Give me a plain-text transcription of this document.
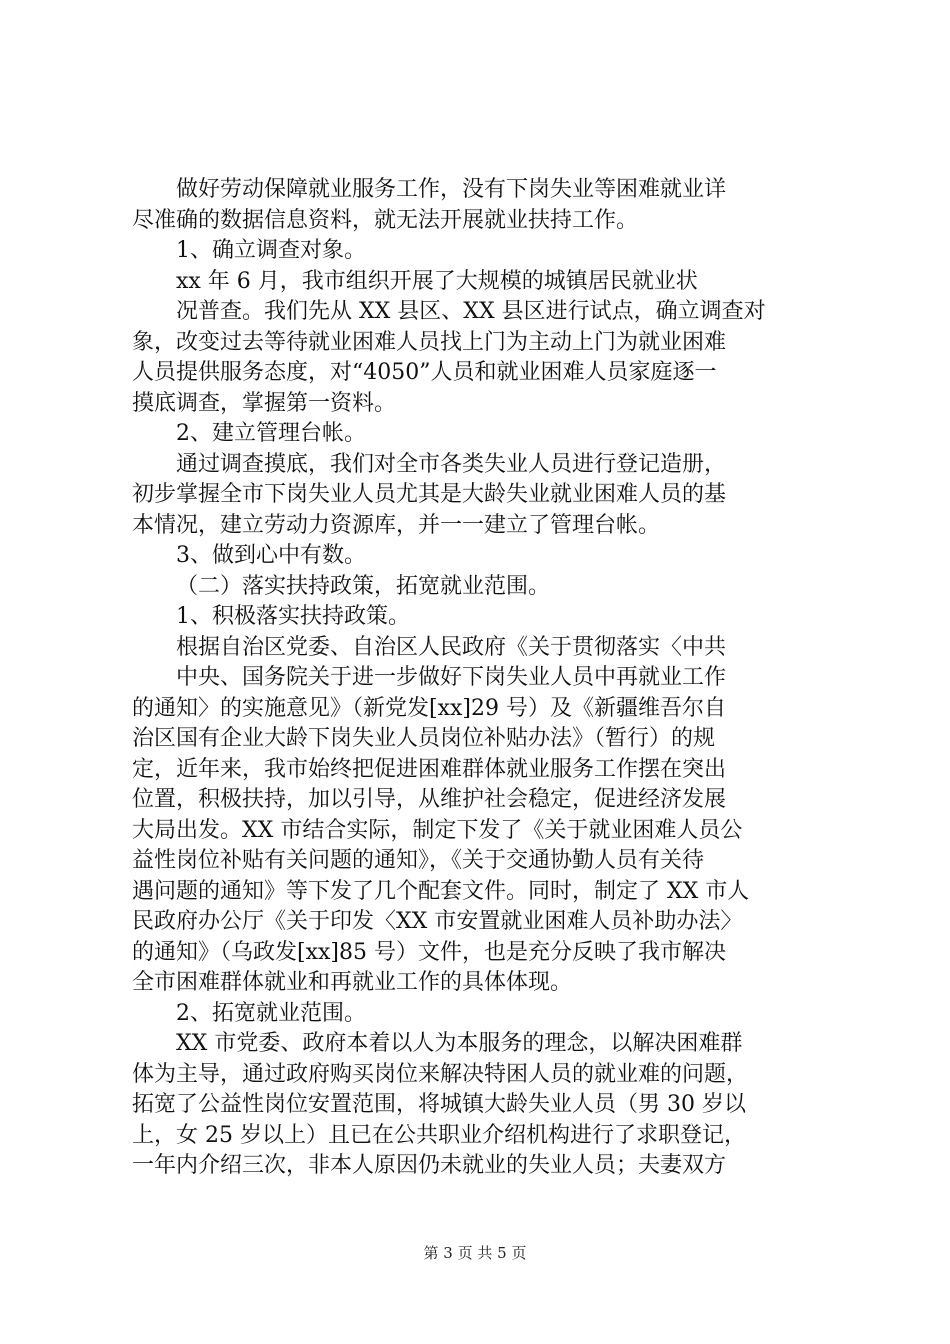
做好劳动保障就业服务工作，没有下岗失业等困难就业详
尽准确的数据信息资料，就无法开展就业扶持工作。
1、确立调查对象。
xx 年 6 月，我市组织开展了大规模的城镇居民就业状
况普查。我们先从 XX 县区、XX 县区进行试点，确立调查对
象，改变过去等待就业困难人员找上门为主动上门为就业困难
人员提供服务态度，对“4050”人员和就业困难人员家庭逐一
摸底调查，掌握第一资料。
2、建立管理台帐。
通过调查摸底，我们对全市各类失业人员进行登记造册，
初步掌握全市下岗失业人员尤其是大龄失业就业困难人员的基
本情况，建立劳动力资源库，并一一建立了管理台帐。
3、做到心中有数。
（二）落实扶持政策，拓宽就业范围。
1、积极落实扶持政策。
根据自治区党委、自治区人民政府《关于贯彻落实〈中共
中央、国务院关于进一步做好下岗失业人员中再就业工作
的通知〉的实施意见》（新党发[xx]29 号）及《新疆维吾尔自
治区国有企业大龄下岗失业人员岗位补贴办法》（暂行）的规
定，近年来，我市始终把促进困难群体就业服务工作摆在突出
位置，积极扶持，加以引导，从维护社会稳定，促进经济发展
大局出发。XX 市结合实际，制定下发了《关于就业困难人员公
益性岗位补贴有关问题的通知》，《关于交通协勤人员有关待
遇问题的通知》等下发了几个配套文件。同时，制定了 XX 市人
民政府办公厅《关于印发〈XX 市安置就业困难人员补助办法〉
的通知》（乌政发[xx]85 号）文件，也是充分反映了我市解决
全市困难群体就业和再就业工作的具体体现。
2、拓宽就业范围。
XX 市党委、政府本着以人为本服务的理念，以解决困难群
体为主导，通过政府购买岗位来解决特困人员的就业难的问题，
拓宽了公益性岗位安置范围，将城镇大龄失业人员（男 30 岁以
上，女 25 岁以上）且已在公共职业介绍机构进行了求职登记，
一年内介绍三次，非本人原因仍未就业的失业人员；夫妻双方
第 3 页 共 5 页
